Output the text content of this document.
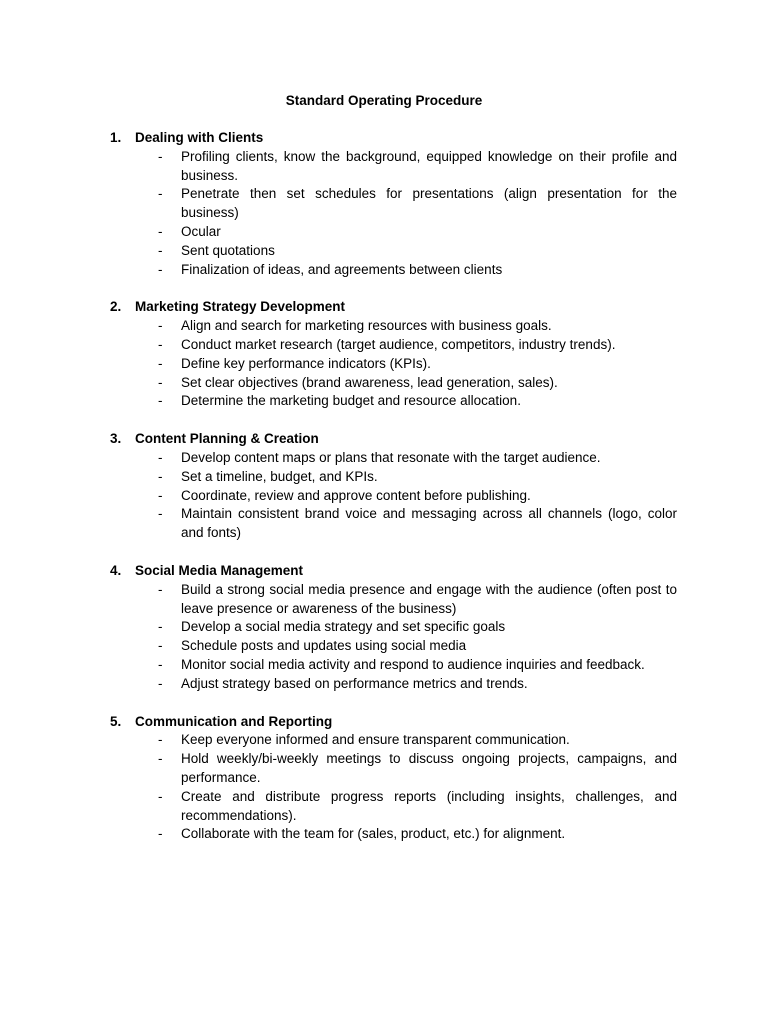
Standard Operating Procedure
1.	Dealing with Clients
-	Profiling clients, know the background, equipped knowledge on their profile and business.
-	Penetrate then set schedules for presentations (align presentation for the business)
-	Ocular
-	Sent quotations
-	Finalization of ideas, and agreements between clients
2.	Marketing Strategy Development
-	Align and search for marketing resources with business goals.
-	Conduct market research (target audience, competitors, industry trends).
-	Define key performance indicators (KPIs).
-	Set clear objectives (brand awareness, lead generation, sales).
-	Determine the marketing budget and resource allocation.
3.	Content Planning & Creation
-	Develop content maps or plans that resonate with the target audience.
-	Set a timeline, budget, and KPIs.
-	Coordinate, review and approve content before publishing.
-	Maintain consistent brand voice and messaging across all channels (logo, color and fonts)
4.	Social Media Management
-	Build a strong social media presence and engage with the audience (often post to leave presence or awareness of the business)
-	Develop a social media strategy and set specific goals
-	Schedule posts and updates using social media
-	Monitor social media activity and respond to audience inquiries and feedback.
-	Adjust strategy based on performance metrics and trends.
5.	Communication and Reporting
-	Keep everyone informed and ensure transparent communication.
-	Hold weekly/bi-weekly meetings to discuss ongoing projects, campaigns, and performance.
-	Create and distribute progress reports (including insights, challenges, and recommendations).
-	Collaborate with the team for (sales, product, etc.) for alignment.
